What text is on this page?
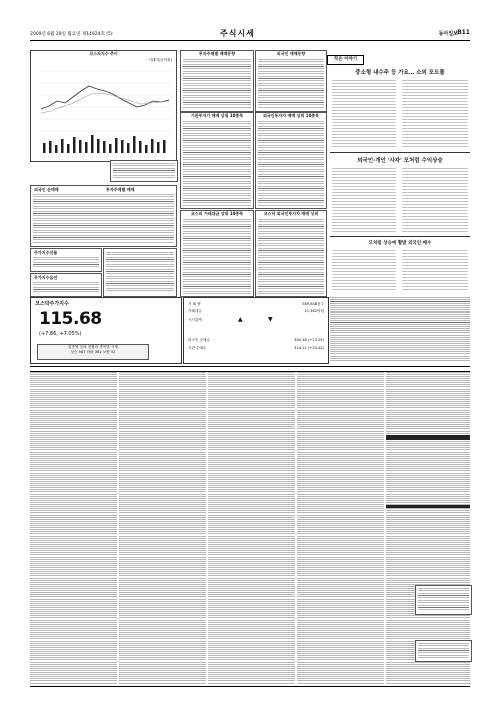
2009년 6월 29일 월요일 제14924호 (5)	주식시세	동아일보 B11
코스피지수 추이
거래대금(억원)
외국인 순매매	투자주체별 매매
주가지수선물
주가지수옵션
투자주체별 매매동향
기관투자가 매매 상위 10종목
코스피 거래대금 상위 10종목
외국인 매매동향
외국인투자자 매매 상위 10종목
코스닥 외국인투자자 매매 상위
작은 이야기
중소형 내수주 등 가요… 소외 포트폴
외국인·개인 '사자' 모처럼 수익상승
모처럼 상승에 활발 외국인 매수
코스닥주가지수
115.68
(+7.86, +7.05%)
업종별 등락 현황과 종목별 시세
상승 567 하락 362 보합 52
거 래 량	389,848천주
거래대금	21,362억원
시가총액	▲	▼
외국인 순매수	384.38 (+13.29)
기관 순매수	314.11 (+33.42)
